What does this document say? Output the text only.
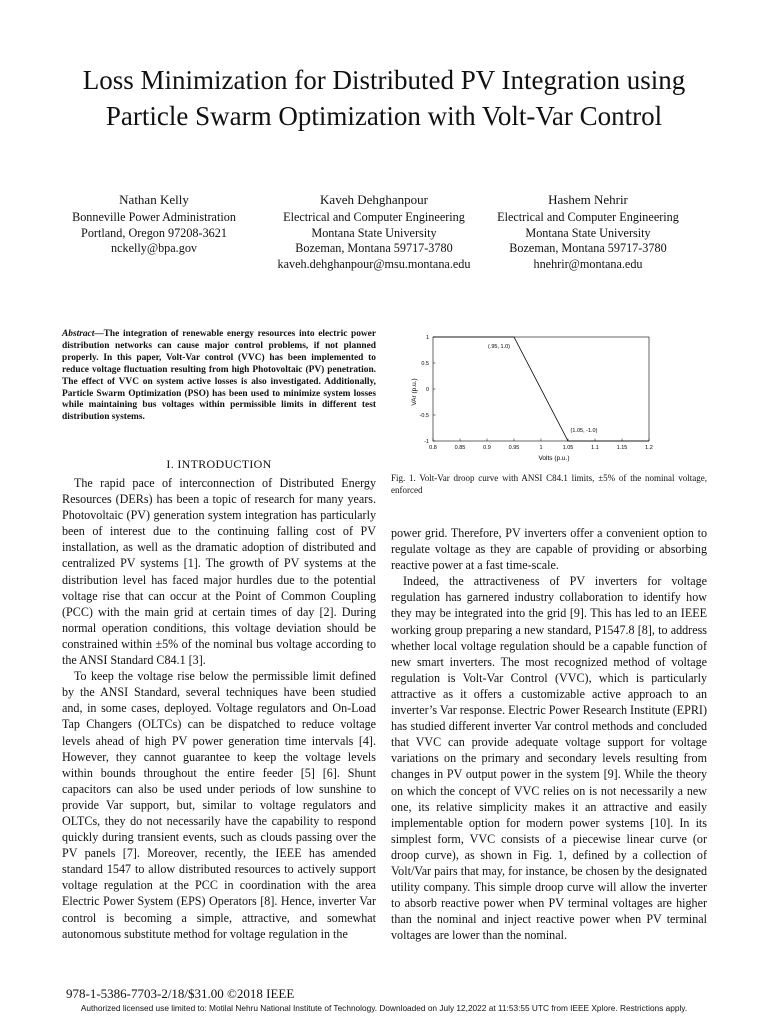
Loss Minimization for Distributed PV Integration using Particle Swarm Optimization with Volt-Var Control
Nathan Kelly
Bonneville Power Administration
Portland, Oregon 97208-3621
nckelly@bpa.gov
Kaveh Dehghanpour
Electrical and Computer Engineering
Montana State University
Bozeman, Montana 59717-3780
kaveh.dehghanpour@msu.montana.edu
Hashem Nehrir
Electrical and Computer Engineering
Montana State University
Bozeman, Montana 59717-3780
hnehrir@montana.edu
Abstract—The integration of renewable energy resources into electric power distribution networks can cause major control problems, if not planned properly. In this paper, Volt-Var control (VVC) has been implemented to reduce voltage fluctuation resulting from high Photovoltaic (PV) penetration. The effect of VVC on system active losses is also investigated. Additionally, Particle Swarm Optimization (PSO) has been used to minimize system losses while maintaining bus voltages within permissible limits in different test distribution systems.
I. INTRODUCTION

The rapid pace of interconnection of Distributed Energy Resources (DERs) has been a topic of research for many years. Photovoltaic (PV) generation system integration has particularly been of interest due to the continuing falling cost of PV installation, as well as the dramatic adoption of distributed and centralized PV systems [1]. The growth of PV systems at the distribution level has faced major hurdles due to the potential voltage rise that can occur at the Point of Common Coupling (PCC) with the main grid at certain times of day [2]. During normal operation conditions, this voltage deviation should be constrained within ±5% of the nominal bus voltage according to the ANSI Standard C84.1 [3].

To keep the voltage rise below the permissible limit defined by the ANSI Standard, several techniques have been studied and, in some cases, deployed. Voltage regulators and On-Load Tap Changers (OLTCs) can be dispatched to reduce voltage levels ahead of high PV power generation time intervals [4]. However, they cannot guarantee to keep the voltage levels within bounds throughout the entire feeder [5] [6]. Shunt capacitors can also be used under periods of low sunshine to provide Var support, but, similar to voltage regulators and OLTCs, they do not necessarily have the capability to respond quickly during transient events, such as clouds passing over the PV panels [7]. Moreover, recently, the IEEE has amended standard 1547 to allow distributed resources to actively support voltage regulation at the PCC in coordination with the area Electric Power System (EPS) Operators [8]. Hence, inverter Var control is becoming a simple, attractive, and somewhat autonomous substitute method for voltage regulation in the

VAr (p.u.)
Volts (p.u.)
0.8	0.85	0.9	0.95	1	1.05	1.1	1.15	1.2
1
0.5
0
-0.5
-1
(.95, 1.0)
(1.05, -1.0)
Fig. 1. Volt-Var droop curve with ANSI C84.1 limits, ±5% of the nominal voltage, enforced

power grid. Therefore, PV inverters offer a convenient option to regulate voltage as they are capable of providing or absorbing reactive power at a fast time-scale.

Indeed, the attractiveness of PV inverters for voltage regulation has garnered industry collaboration to identify how they may be integrated into the grid [9]. This has led to an IEEE working group preparing a new standard, P1547.8 [8], to address whether local voltage regulation should be a capable function of new smart inverters. The most recognized method of voltage regulation is Volt-Var Control (VVC), which is particularly attractive as it offers a customizable active approach to an inverter’s Var response. Electric Power Research Institute (EPRI) has studied different inverter Var control methods and concluded that VVC can provide adequate voltage support for voltage variations on the primary and secondary levels resulting from changes in PV output power in the system [9]. While the theory on which the concept of VVC relies on is not necessarily a new one, its relative simplicity makes it an attractive and easily implementable option for modern power systems [10]. In its simplest form, VVC consists of a piecewise linear curve (or droop curve), as shown in Fig. 1, defined by a collection of Volt/Var pairs that may, for instance, be chosen by the designated utility company. This simple droop curve will allow the inverter to absorb reactive power when PV terminal voltages are higher than the nominal and inject reactive power when PV terminal voltages are lower than the nominal.

978-1-5386-7703-2/18/$31.00 ©2018 IEEE
Authorized licensed use limited to: Motilal Nehru National Institute of Technology. Downloaded on July 12,2022 at 11:53:55 UTC from IEEE Xplore. Restrictions apply.
